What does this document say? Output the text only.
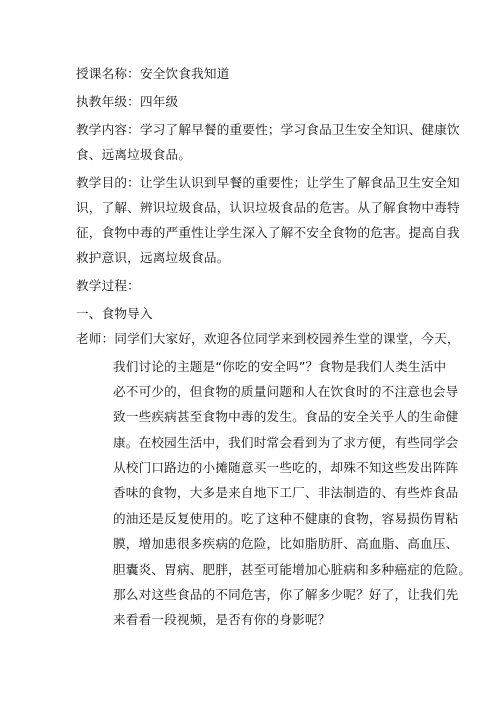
授课名称：安全饮食我知道
执教年级：四年级
教学内容：学习了解早餐的重要性；学习食品卫生安全知识、健康饮
食、远离垃圾食品。
教学目的：让学生认识到早餐的重要性；让学生了解食品卫生安全知
识，了解、辨识垃圾食品，认识垃圾食品的危害。从了解食物中毒特
征，食物中毒的严重性让学生深入了解不安全食物的危害。提高自我
救护意识，远离垃圾食品。
教学过程：
一、食物导入
老师：同学们大家好，欢迎各位同学来到校园养生堂的课堂，今天，
我们讨论的主题是“你吃的安全吗”？食物是我们人类生活中
必不可少的，但食物的质量问题和人在饮食时的不注意也会导
致一些疾病甚至食物中毒的发生。食品的安全关乎人的生命健
康。在校园生活中，我们时常会看到为了求方便，有些同学会
从校门口路边的小摊随意买一些吃的，却殊不知这些发出阵阵
香味的食物，大多是来自地下工厂、非法制造的、有些炸食品
的油还是反复使用的。吃了这种不健康的食物，容易损伤胃粘
膜，增加患很多疾病的危险，比如脂肪肝、高血脂、高血压、
胆囊炎、胃病、肥胖，甚至可能增加心脏病和多种癌症的危险。
那么对这些食品的不同危害，你了解多少呢？好了，让我们先
来看看一段视频，是否有你的身影呢？
